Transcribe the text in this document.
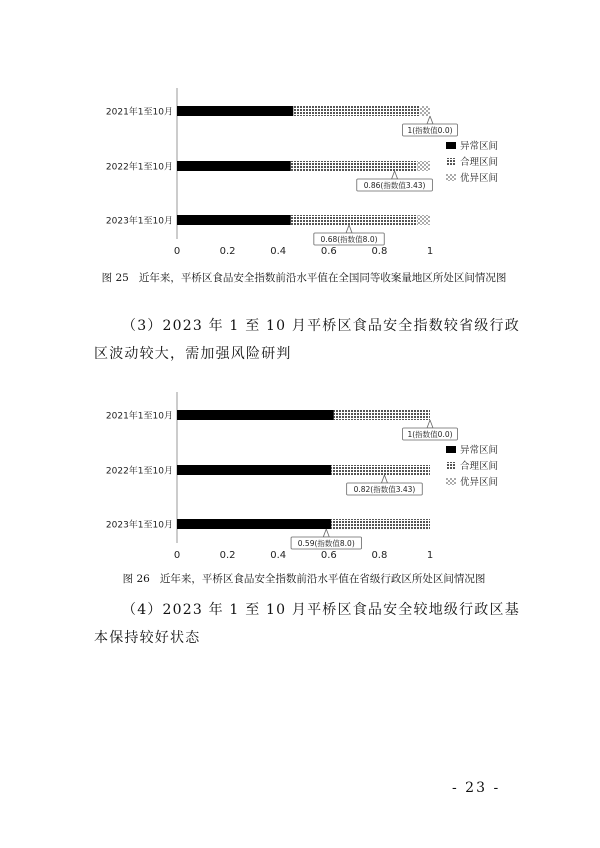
0	0.2	0.4	0.6	0.8	1
2021年1至10月
1(指数值0.0)
2022年1至10月
0.86(指数值3.43)
2023年1至10月
0.68(指数值8.0)
异常区间
合理区间
优异区间
图 25 近年来，平桥区食品安全指数前沿水平值在全国同等收案量地区所处区间情况图
（3）2023 年 1 至 10 月平桥区食品安全指数较省级行政区波动较大，需加强风险研判
0	0.2	0.4	0.6	0.8	1
2021年1至10月
1(指数值0.0)
2022年1至10月
0.82(指数值3.43)
2023年1至10月
0.59(指数值8.0)
异常区间
合理区间
优异区间
图 26 近年来，平桥区食品安全指数前沿水平值在省级行政区所处区间情况图
（4）2023 年 1 至 10 月平桥区食品安全较地级行政区基本保持较好状态
- 23 -
